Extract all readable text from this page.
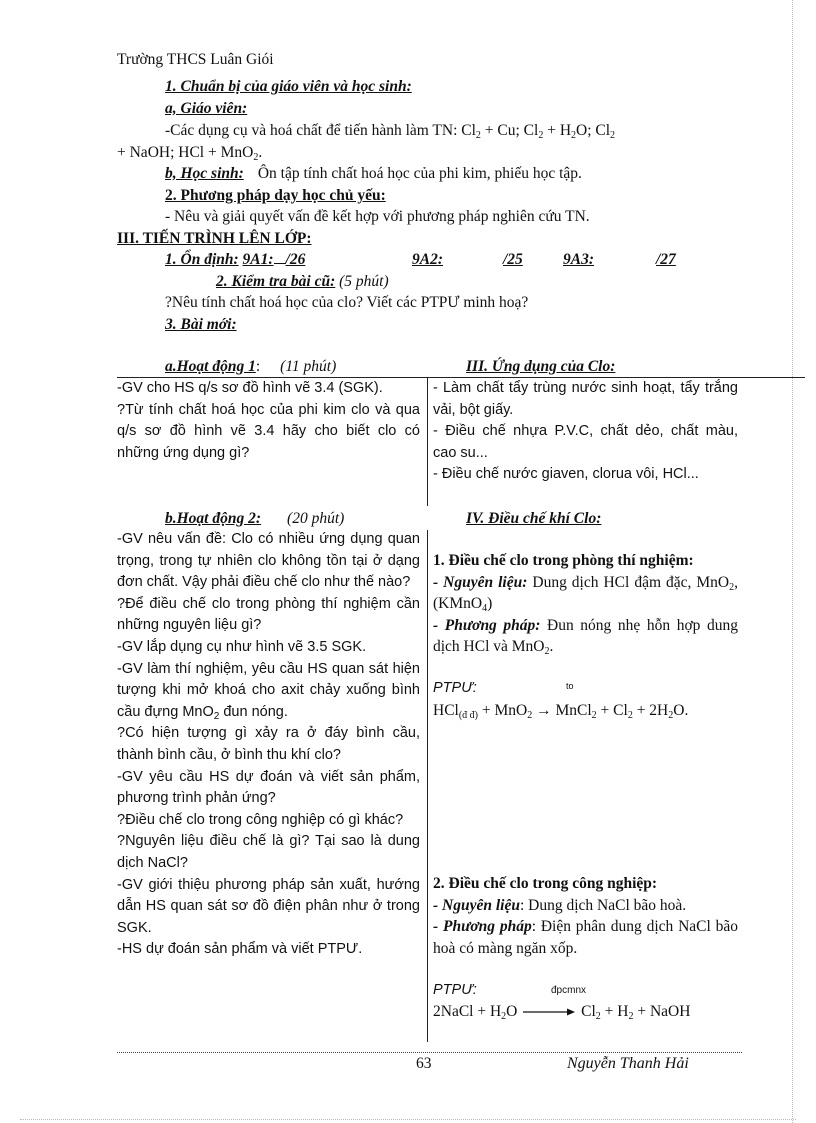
Trường THCS Luân Giói
1. Chuẩn bị của giáo viên và học sinh:
a, Giáo viên:
-Các dụng cụ và hoá chất để tiến hành làm TN: $Cl_2 + Cu$; $Cl_2 + H_2O$; $Cl_2$
+ NaOH; HCl + MnO$_2$.
b, Học sinh: Ôn tập tính chất hoá học của phi kim, phiếu học tập.
2. Phương pháp dạy học chủ yếu:
- Nêu và giải quyết vấn đề kết hợp với phương pháp nghiên cứu TN.
III. TIẾN TRÌNH LÊN LỚP:
1. Ổn định: 9A1: /26	9A2:	/25	9A3:	/27
2. Kiểm tra bài cũ: (5 phút)
?Nêu tính chất hoá học của clo? Viết các PTPƯ minh hoạ?
3. Bài mới:
a.Hoạt động 1: (11 phút)	III. Ứng dụng của Clo:

-GV cho HS q/s sơ đồ hình vẽ 3.4 (SGK).

?Từ tính chất hoá học của phi kim clo và qua q/s sơ đồ hình vẽ 3.4 hãy cho biết clo có những ứng dụng gì?

- Làm chất tẩy trùng nước sinh hoạt, tẩy trắng vải, bột giấy.

- Điều chế nhựa P.V.C, chất dẻo, chất màu, cao su...

- Điều chế nước giaven, clorua vôi, HCl...

b.Hoạt động 2: (20 phút)	IV. Điều chế khí Clo:

-GV nêu vấn đề: Clo có nhiều ứng dụng quan trọng, trong tự nhiên clo không tồn tại ở dạng đơn chất. Vậy phải điều chế clo như thế nào?

?Để điều chế clo trong phòng thí nghiệm cần những nguyên liệu gì?

-GV lắp dụng cụ như hình vẽ 3.5 SGK.

-GV làm thí nghiệm, yêu cầu HS quan sát hiện tượng khi mở khoá cho axit chảy xuống bình cầu đựng MnO$_2$ đun nóng.

?Có hiện tượng gì xảy ra ở đáy bình cầu, thành bình cầu, ở bình thu khí clo?

-GV yêu cầu HS dự đoán và viết sản phẩm, phương trình phản ứng?

?Điều chế clo trong công nghiệp có gì khác?

?Nguyên liệu điều chế là gì? Tại sao là dung dịch NaCl?

-GV giới thiệu phương pháp sản xuất, hướng dẫn HS quan sát sơ đồ điện phân như ở trong SGK.

-HS dự đoán sản phẩm và viết PTPƯ.

1. Điều chế clo trong phòng thí nghiệm:

- Nguyên liệu: Dung dịch HCl đậm đặc, MnO$_2$, (KMnO$_4$)

- Phương pháp: Đun nóng nhẹ hỗn hợp dung dịch HCl và MnO$_2$.

PTPƯ:	to

HCl$_{(đ đ)}$ + MnO$_2$ → MnCl$_2$ + $Cl_2 + 2H_2O$.

2. Điều chế clo trong công nghiệp:

- Nguyên liệu: Dung dịch NaCl bão hoà.

- Phương pháp: Điện phân dung dịch NaCl bão hoà có màng ngăn xốp.

PTPƯ:	đpcmnx
2NaCl + $H_2O \to Cl_2 + H_2$ + NaOH
63	Nguyễn Thanh Hải
